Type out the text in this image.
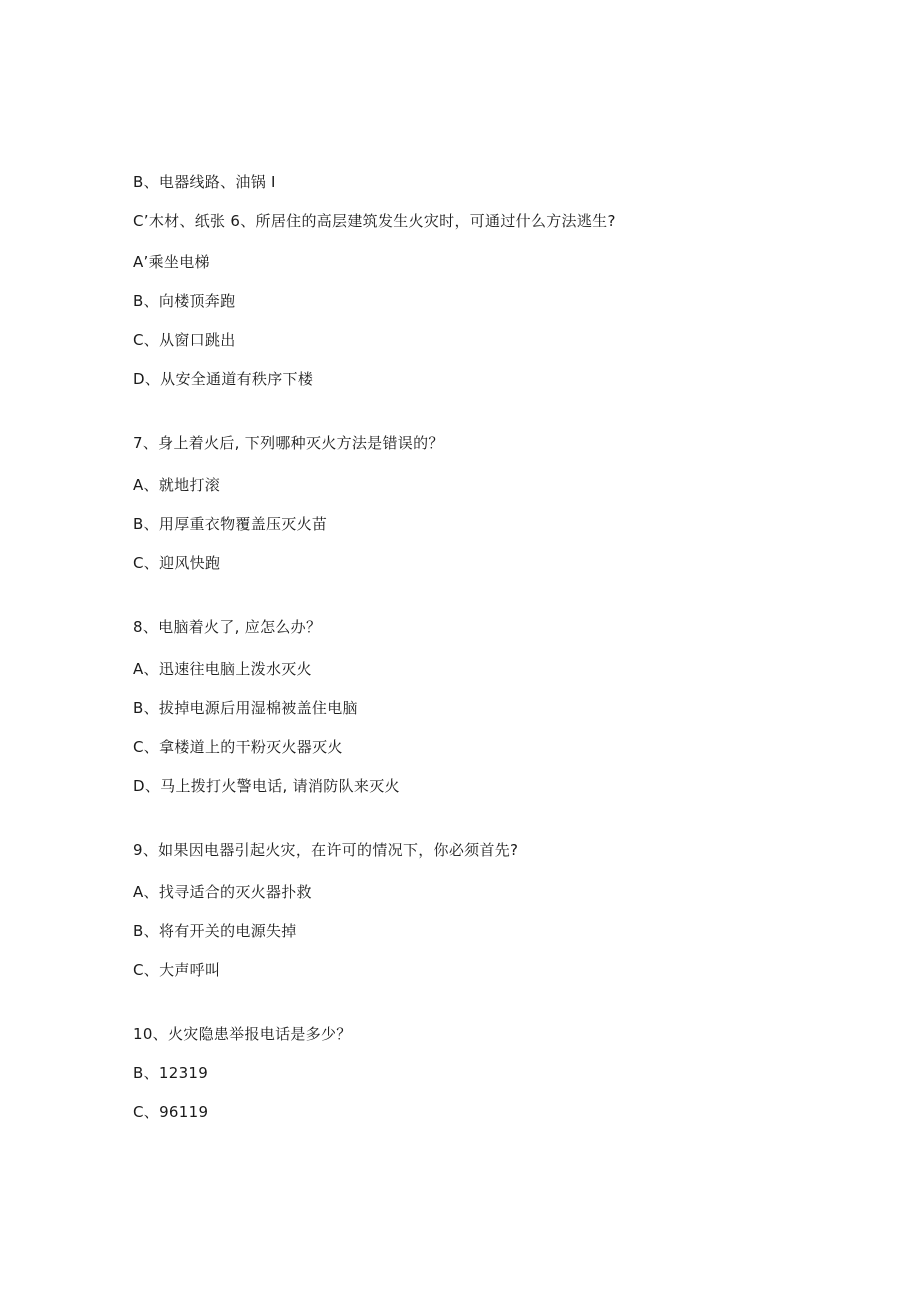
B、电器线路、油锅 I
C’木材、纸张 6、所居住的高层建筑发生火灾时，可通过什么方法逃生?
A’乘坐电梯
B、向楼顶奔跑
C、从窗口跳出
D、从安全通道有秩序下楼
7、身上着火后, 下列哪种灭火方法是错误的？
A、就地打滚
B、用厚重衣物覆盖压灭火苗
C、迎风快跑
8、电脑着火了, 应怎么办？
A、迅速往电脑上泼水灭火
B、拔掉电源后用湿棉被盖住电脑
C、拿楼道上的干粉灭火器灭火
D、马上拨打火警电话, 请消防队来灭火
9、如果因电器引起火灾，在许可的情况下，你必须首先?
A、找寻适合的灭火器扑救
B、将有开关的电源失掉
C、大声呼叫
10、火灾隐患举报电话是多少？
B、12319
C、96119
